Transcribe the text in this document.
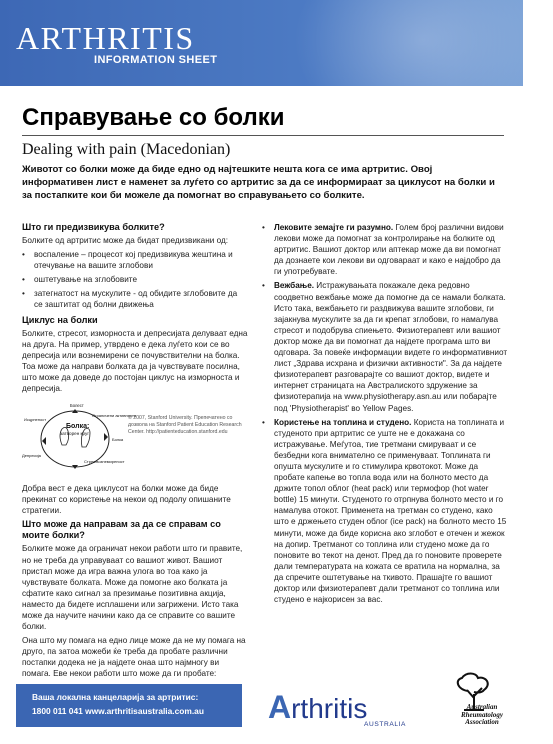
ARTHRITIS
INFORMATION SHEET
Справување со болки
Dealing with pain (Macedonian)
Животот со болки може да биде едно од најтешките нешта кога се има артритис. Овој информативен лист е наменет за луѓето со артритис за да се информираат за циклусот на болки и за постапките кои би можеле да помогнат во справувањето со болките.
Што ги предизвикува болките?

Болките од артритис може да бидат предизвикани од:

• воспаление – процесот кој предизвикува жештина и отечување на вашите зглобови
• оштетување на зглобовите
• затегнатост на мускулите - од обидите зглобовите да се заштитат од болни движења
Циклус на болки

Болките, стресот, изморноста и депресијата делуваат една на друга. На пример, утврдено е дека луѓето кои се во депресија или вознемирени се почувствителни на болка. Тоа може да направи болката да ја чувствувате посилна, што може да доведе до постојан циклус на изморноста и депресија.

Болка:
затворен круг
Болест
Ограничени активности
Исцрпеност
Депресија
Стрес/вознемиреност
Болка
© 2007, Stanford University. Препечатено со дозвола на Stanford Patient Education Research Center. http://patienteducation.stanford.edu

Добра вест е дека циклусот на болки може да биде прекинат со користење на некои од подолу опишаните стратегии.

Што може да направам за да се справам со моите болки?

Болките може да ограничат некои работи што ги правите, но не треба да управуваат со вашиот живот. Вашиот пристап може да игра важна улога во тоа како ја чувствувате болката. Може да помогне ако болката ја сфатите како сигнал за презимање позитивна акција, наместо да бидете исплашени или загрижени. Исто така може да научите начини како да се справите со вашите болки.

Она што му помага на едно лице може да не му помага на друго, па затоа можеби ќе треба да пробате различни постапки додека не ја најдете онаа што најмногу ви помага. Еве некои работи што може да ги пробате:

• Лековите земајте ги разумно. Голем број различни видови лекови може да помогнат за контролирање на болките од артритис. Вашиот доктор или аптекар може да ви помогнат да дознаете кои лекови ви одговараат и како е најдобро да ги употребувате.
• Вежбање. Истражувањата покажале дека редовно соодветно вежбање може да помогне да се намали болката. Исто така, вежбањето ги раздвижува вашите зглобови, ги зајакнува мускулите за да ги крепат зглобови, го намалува стресот и подобрува спиењето. Физиотерапевт или вашиот доктор може да ви помогнат да најдете програма што ви одговара. За повеќе информации видете го информативниот лист „Здрава исхрана и физички активности". За да најдете физиотерапевт разговарајте со вашиот доктор, видете и интернет страницата на Австралиското здружение за физиотерапија на www.physiotherapy.asn.au или побарајте под 'Physiotherapist' во Yellow Pages.
• Користење на топлина и студено. Користа на топлината и студеното при артритис се уште не е докажана со истражување. Меѓутоа, тие третмани смируваат и се безбедни кога внимателно се применуваат. Топлината ги опушта мускулите и го стимулира крвотокот. Може да пробате капење во топла вода или на болното место да држите топол облог (heat pack) или термофор (hot water bottle) 15 минути. Студеното го отрпнува болното место и го намалува отокот. Применета на третман со студено, како што е држењето студен облог (ice pack) на болното место 15 минути, може да биде корисна ако зглобот е отечен и жежок на допир. Третманот со топлина или студено може да го поновите во текот на денот. Пред да го поновите проверете дали температурата на кожата се вратила на нормална, за да спречите оштетување на ткивото. Прашајте го вашиот доктор или физиотерапевт дали третманот со топлина или студено е најкорисен за вас.
Ваша локална канцеларија за артритис:
1800 011 041 www.arthritisaustralia.com.au Arthritis
AUSTRALIA
Australian Rheumatology Association
